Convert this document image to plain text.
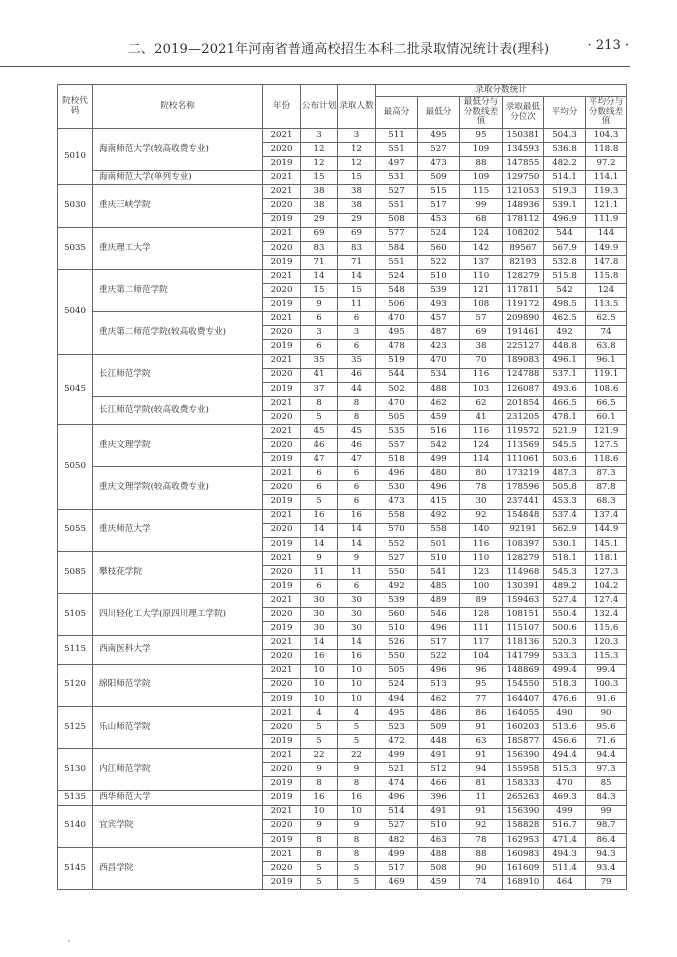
二、2019—2021年河南省普通高校招生本科二批录取情况统计表(理科)	· 213 ·
院校代码	院校名称	年份	公布计划	录取人数	录取分数统计					
					最高分	最低分	最低分与分数线差值	录取最低分位次	平均分	平均分与分数线差值
5010	海南师范大学(较高收费专业)	2021	3	3	511	495	95	150381	504.3	104.3
		2020	12	12	551	527	109	134593	536.8	118.8
		2019	12	12	497	473	88	147855	482.2	97.2
	海南师范大学(单列专业)	2021	15	15	531	509	109	129750	514.1	114.1
5030	重庆三峡学院	2021	38	38	527	515	115	121053	519.3	119.3
		2020	38	38	551	517	99	148936	539.1	121.1
		2019	29	29	508	453	68	178112	496.9	111.9
5035	重庆理工大学	2021	69	69	577	524	124	108202	544	144
		2020	83	83	584	560	142	89567	567.9	149.9
		2019	71	71	551	522	137	82193	532.8	147.8
5040	重庆第二师范学院	2021	14	14	524	510	110	128279	515.8	115.8
		2020	15	15	548	539	121	117811	542	124
		2019	9	11	506	493	108	119172	498.5	113.5
	重庆第二师范学院(较高收费专业)	2021	6	6	470	457	57	209890	462.5	62.5
		2020	3	3	495	487	69	191461	492	74
		2019	6	6	478	423	38	225127	448.8	63.8
5045	长江师范学院	2021	35	35	519	470	70	189083	496.1	96.1
		2020	41	46	544	534	116	124788	537.1	119.1
		2019	37	44	502	488	103	126087	493.6	108.6
	长江师范学院(较高收费专业)	2021	8	8	470	462	62	201854	466.5	66.5
		2020	5	8	505	459	41	231205	478.1	60.1
5050	重庆文理学院	2021	45	45	535	516	116	119572	521.9	121.9
		2020	46	46	557	542	124	113569	545.5	127.5
		2019	47	47	518	499	114	111061	503.6	118.6
	重庆文理学院(较高收费专业)	2021	6	6	496	480	80	173219	487.3	87.3
		2020	6	6	530	496	78	178596	505.8	87.8
		2019	5	6	473	415	30	237441	453.3	68.3
5055	重庆师范大学	2021	16	16	558	492	92	154848	537.4	137.4
		2020	14	14	570	558	140	92191	562.9	144.9
		2019	14	14	552	501	116	108397	530.1	145.1
5085	攀枝花学院	2021	9	9	527	510	110	128279	518.1	118.1
		2020	11	11	550	541	123	114968	545.3	127.3
		2019	6	6	492	485	100	130391	489.2	104.2
5105	四川轻化工大学(原四川理工学院)	2021	30	30	539	489	89	159463	527.4	127.4
		2020	30	30	560	546	128	108151	550.4	132.4
		2019	30	30	510	496	111	115107	500.6	115.6
5115	西南医科大学	2021	14	14	526	517	117	118136	520.3	120.3
		2020	16	16	550	522	104	141799	533.3	115.3
5120	绵阳师范学院	2021	10	10	505	496	96	148869	499.4	99.4
		2020	10	10	524	513	95	154550	518.3	100.3
		2019	10	10	494	462	77	164407	476.6	91.6
5125	乐山师范学院	2021	4	4	495	486	86	164055	490	90
		2020	5	5	523	509	91	160203	513.6	95.6
		2019	5	5	472	448	63	185877	456.6	71.6
5130	内江师范学院	2021	22	22	499	491	91	156390	494.4	94.4
		2020	9	9	521	512	94	155958	515.3	97.3
		2019	8	8	474	466	81	158333	470	85
5135	西华师范大学	2019	16	16	496	396	11	265263	469.3	84.3
5140	宜宾学院	2021	10	10	514	491	91	156390	499	99
		2020	9	9	527	510	92	158828	516.7	98.7
		2019	8	8	482	463	78	162953	471.4	86.4
5145	西昌学院	2021	8	8	499	488	88	160983	494.3	94.3
		2020	5	5	517	508	90	161609	511.4	93.4
		2019	5	5	469	459	74	168910	464	79
